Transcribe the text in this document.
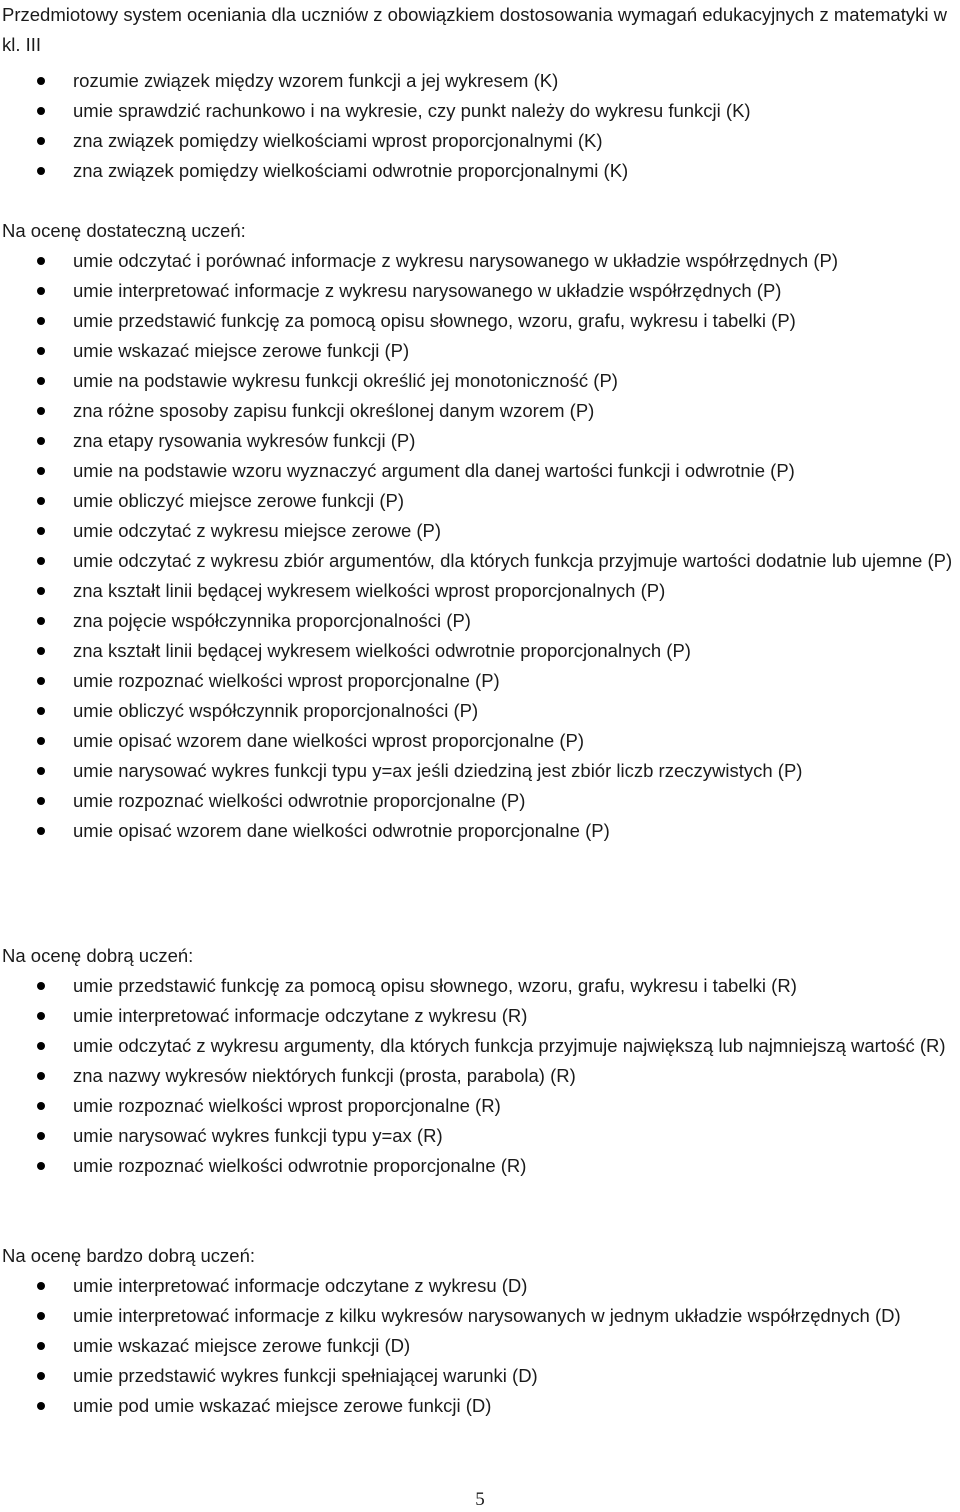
Przedmiotowy system oceniania dla uczniów z obowiązkiem dostosowania wymagań edukacyjnych z matematyki w kl. III
rozumie związek między wzorem funkcji a jej wykresem (K)
umie sprawdzić rachunkowo i na wykresie, czy punkt należy do wykresu funkcji (K)
zna związek pomiędzy wielkościami wprost proporcjonalnymi (K)
zna związek pomiędzy wielkościami odwrotnie proporcjonalnymi (K)
Na ocenę dostateczną uczeń:
umie odczytać i porównać informacje z wykresu narysowanego w układzie współrzędnych (P)
umie interpretować informacje z wykresu narysowanego w układzie współrzędnych (P)
umie przedstawić funkcję za pomocą opisu słownego, wzoru, grafu, wykresu i tabelki (P)
umie wskazać miejsce zerowe funkcji (P)
umie na podstawie wykresu funkcji określić jej monotoniczność (P)
zna różne sposoby zapisu funkcji określonej danym wzorem (P)
zna etapy rysowania wykresów funkcji (P)
umie na podstawie wzoru wyznaczyć argument dla danej wartości funkcji i odwrotnie (P)
umie obliczyć miejsce zerowe funkcji (P)
umie odczytać z wykresu miejsce zerowe (P)
umie odczytać z wykresu zbiór argumentów, dla których funkcja przyjmuje wartości dodatnie lub ujemne (P)
zna kształt linii będącej wykresem wielkości wprost proporcjonalnych (P)
zna pojęcie współczynnika proporcjonalności (P)
zna kształt linii będącej wykresem wielkości odwrotnie proporcjonalnych (P)
umie rozpoznać wielkości wprost proporcjonalne (P)
umie obliczyć współczynnik proporcjonalności (P)
umie opisać wzorem dane wielkości wprost proporcjonalne (P)
umie narysować wykres funkcji typu y=ax jeśli dziedziną jest zbiór liczb rzeczywistych (P)
umie rozpoznać wielkości odwrotnie proporcjonalne (P)
umie opisać wzorem dane wielkości odwrotnie proporcjonalne (P)
Na ocenę dobrą uczeń:
umie przedstawić funkcję za pomocą opisu słownego, wzoru, grafu, wykresu i tabelki (R)
umie interpretować informacje odczytane z wykresu (R)
umie odczytać z wykresu argumenty, dla których funkcja przyjmuje największą lub najmniejszą wartość (R)
zna nazwy wykresów niektórych funkcji (prosta, parabola) (R)
umie rozpoznać wielkości wprost proporcjonalne (R)
umie narysować wykres funkcji typu y=ax (R)
umie rozpoznać wielkości odwrotnie proporcjonalne (R)
Na ocenę bardzo dobrą uczeń:
umie interpretować informacje odczytane z wykresu (D)
umie interpretować informacje z kilku wykresów narysowanych w jednym układzie współrzędnych (D)
umie wskazać miejsce zerowe funkcji (D)
umie przedstawić wykres funkcji spełniającej warunki (D)
umie pod umie wskazać miejsce zerowe funkcji (D)
5
